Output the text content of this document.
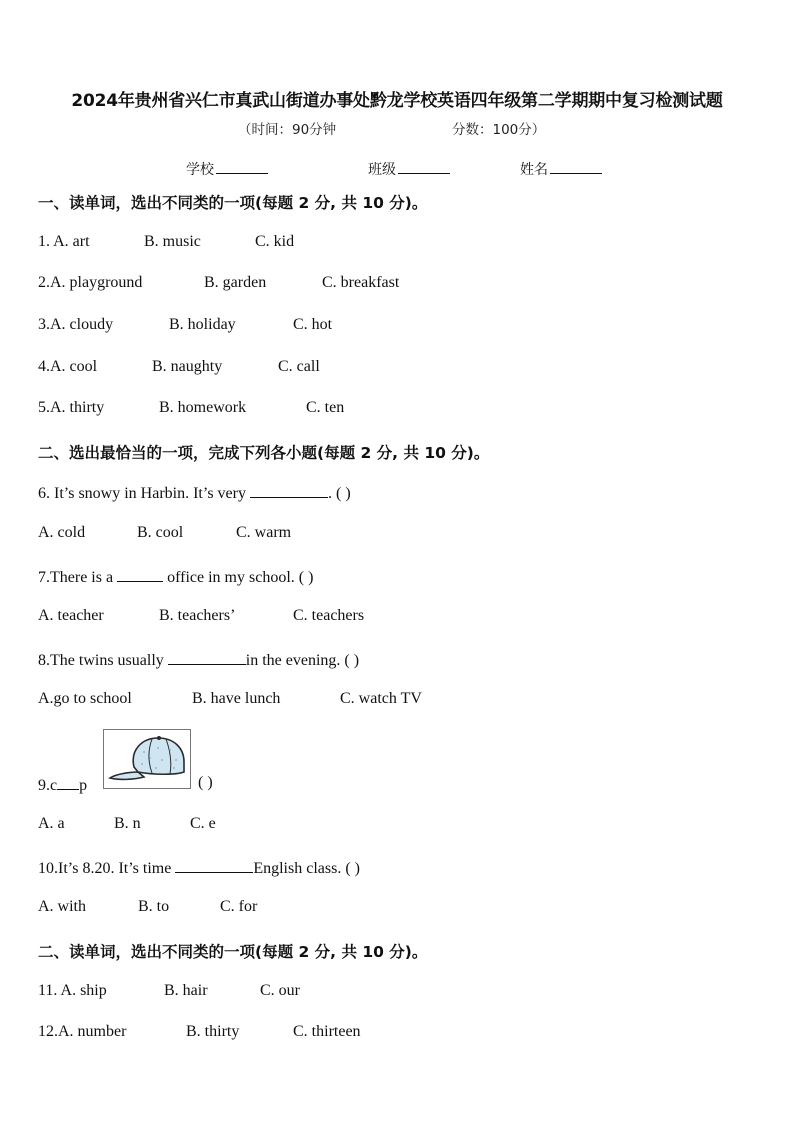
2024年贵州省兴仁市真武山街道办事处黔龙学校英语四年级第二学期期中复习检测试题
（时间：90分钟	分数：100分）
学校	班级	姓名
一、读单词，选出不同类的一项(每题 2 分, 共 10 分)。
1. A. art	B. music	C. kid
2.A. playground	B. garden	C. breakfast
3.A. cloudy	B. holiday	C. hot
4.A. cool	B. naughty	C. call
5.A. thirty	B. homework	C. ten
二、选出最恰当的一项，完成下列各小题(每题 2 分, 共 10 分)。
6. It’s snowy in Harbin. It’s very	. ( )
A. cold	B. cool	C. warm
7.There is a	office in my school. ( )
A. teacher	B. teachers’	C. teachers
8.The twins usually	in the evening. ( )
A.go to school	B. have lunch	C. watch TV
9.c p	( )
A. a	B. n	C. e
10.It’s 8.20. It’s time	English class. ( )
A. with	B. to	C. for
二、读单词，选出不同类的一项(每题 2 分, 共 10 分)。
11. A. ship	B. hair	C. our
12.A. number	B. thirty	C. thirteen
